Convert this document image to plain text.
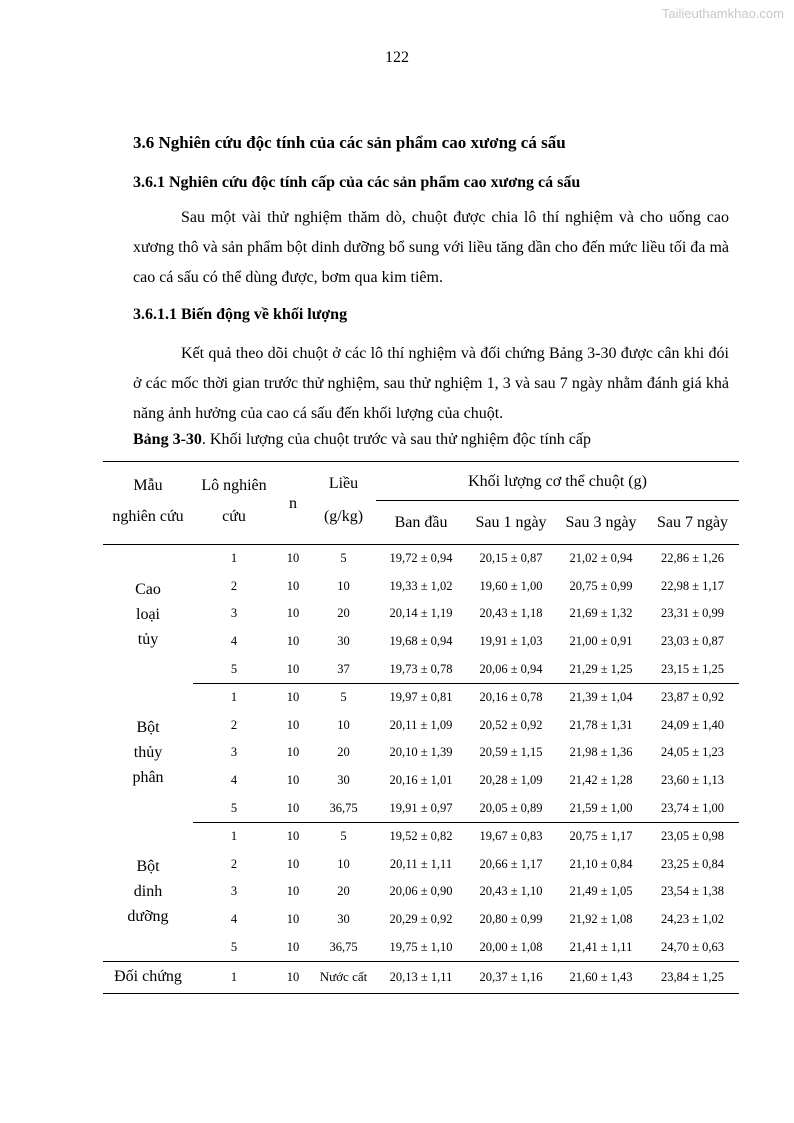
Tailieuthamkhao.com
122
3.6 Nghiên cứu độc tính của các sản phẩm cao xương cá sấu
3.6.1 Nghiên cứu độc tính cấp của các sản phẩm cao xương cá sấu

Sau một vài thử nghiệm thăm dò, chuột được chia lô thí nghiệm và cho uống cao xương thô và sản phẩm bột dinh dưỡng bổ sung với liều tăng dần cho đến mức liều tối đa mà cao cá sấu có thể dùng được, bơm qua kim tiêm.

3.6.1.1 Biến động về khối lượng

Kết quả theo dõi chuột ở các lô thí nghiệm và đối chứng Bảng 3-30 được cân khi đói ở các mốc thời gian trước thử nghiệm, sau thử nghiệm 1, 3 và sau 7 ngày nhằm đánh giá khả năng ảnh hưởng của cao cá sấu đến khối lượng của chuột.

Bảng 3-30. Khối lượng của chuột trước và sau thử nghiệm độc tính cấp
Mẫu
nghiên cứu	Lô nghiên
cứu	n	Liều
(g/kg)	Khối lượng cơ thể chuột (g)			
				Ban đầu	Sau 1 ngày	Sau 3 ngày	Sau 7 ngày
Cao
loại
tủy	1	10	5	19,72 ± 0,94	20,15 ± 0,87	21,02 ± 0,94	22,86 ± 1,26
	2	10	10	19,33 ± 1,02	19,60 ± 1,00	20,75 ± 0,99	22,98 ± 1,17
	3	10	20	20,14 ± 1,19	20,43 ± 1,18	21,69 ± 1,32	23,31 ± 0,99
	4	10	30	19,68 ± 0,94	19,91 ± 1,03	21,00 ± 0,91	23,03 ± 0,87
	5	10	37	19,73 ± 0,78	20,06 ± 0,94	21,29 ± 1,25	23,15 ± 1,25
Bột
thủy
phân	1	10	5	19,97 ± 0,81	20,16 ± 0,78	21,39 ± 1,04	23,87 ± 0,92
	2	10	10	20,11 ± 1,09	20,52 ± 0,92	21,78 ± 1,31	24,09 ± 1,40
	3	10	20	20,10 ± 1,39	20,59 ± 1,15	21,98 ± 1,36	24,05 ± 1,23
	4	10	30	20,16 ± 1,01	20,28 ± 1,09	21,42 ± 1,28	23,60 ± 1,13
	5	10	36,75	19,91 ± 0,97	20,05 ± 0,89	21,59 ± 1,00	23,74 ± 1,00
Bột
dinh
dưỡng	1	10	5	19,52 ± 0,82	19,67 ± 0,83	20,75 ± 1,17	23,05 ± 0,98
	2	10	10	20,11 ± 1,11	20,66 ± 1,17	21,10 ± 0,84	23,25 ± 0,84
	3	10	20	20,06 ± 0,90	20,43 ± 1,10	21,49 ± 1,05	23,54 ± 1,38
	4	10	30	20,29 ± 0,92	20,80 ± 0,99	21,92 ± 1,08	24,23 ± 1,02
	5	10	36,75	19,75 ± 1,10	20,00 ± 1,08	21,41 ± 1,11	24,70 ± 0,63
Đối chứng	1	10	Nước cất	20,13 ± 1,11	20,37 ± 1,16	21,60 ± 1,43	23,84 ± 1,25
